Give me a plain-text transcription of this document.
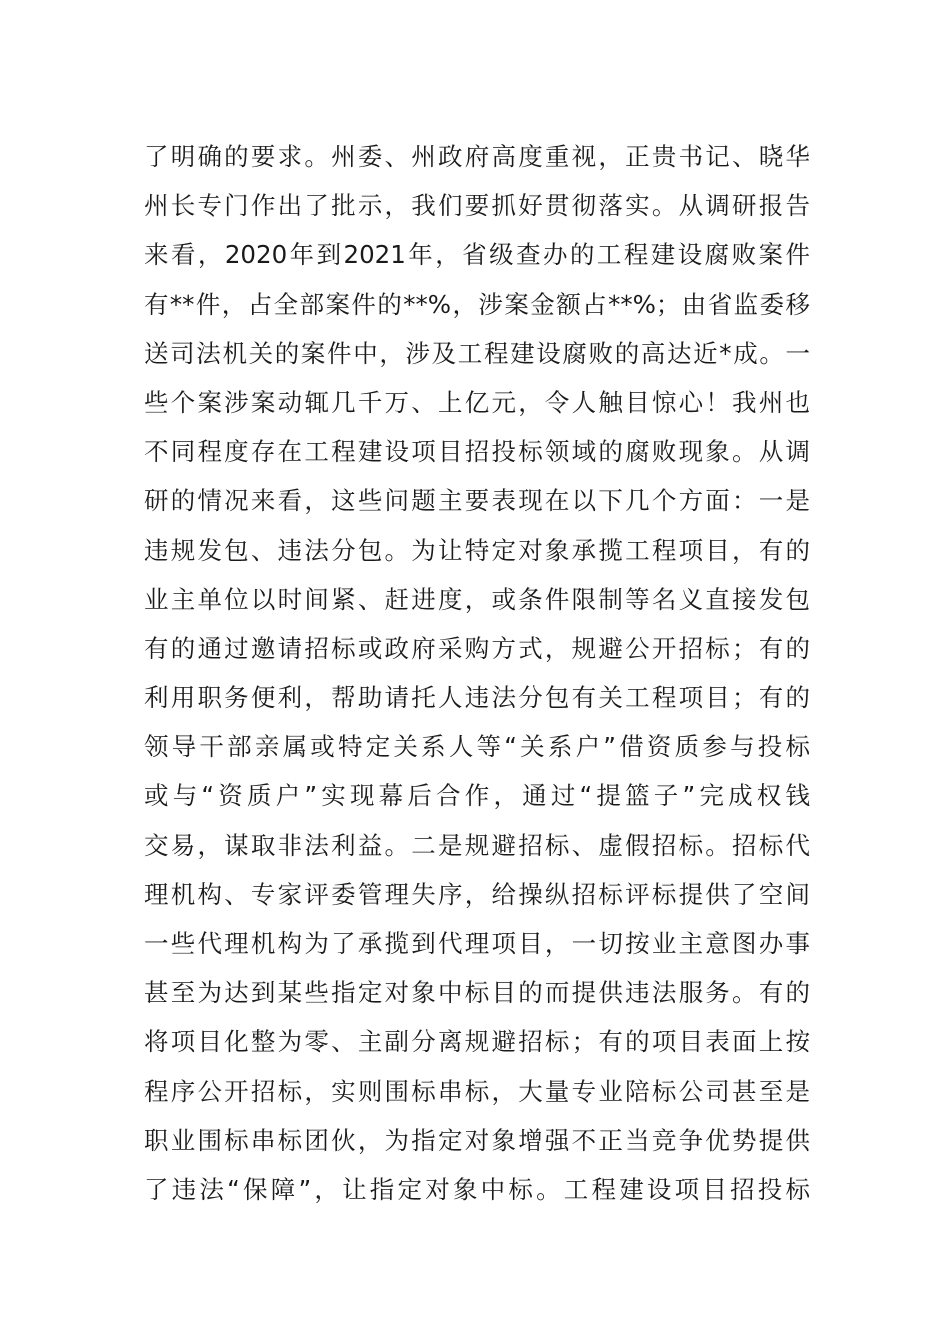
了明确的要求。州委、州政府高度重视，正贵书记、晓华
州长专门作出了批示，我们要抓好贯彻落实。从调研报告
来看，2020年到2021年，省级查办的工程建设腐败案件
有**件，占全部案件的**%，涉案金额占**%；由省监委移
送司法机关的案件中，涉及工程建设腐败的高达近*成。一
些个案涉案动辄几千万、上亿元，令人触目惊心！我州也
不同程度存在工程建设项目招投标领域的腐败现象。从调
研的情况来看，这些问题主要表现在以下几个方面：一是
违规发包、违法分包。为让特定对象承揽工程项目，有的
业主单位以时间紧、赶进度，或条件限制等名义直接发包
有的通过邀请招标或政府采购方式，规避公开招标；有的
利用职务便利，帮助请托人违法分包有关工程项目；有的
领导干部亲属或特定关系人等“关系户”借资质参与投标
或与“资质户”实现幕后合作，通过“提篮子”完成权钱
交易，谋取非法利益。二是规避招标、虚假招标。招标代
理机构、专家评委管理失序，给操纵招标评标提供了空间
一些代理机构为了承揽到代理项目，一切按业主意图办事
甚至为达到某些指定对象中标目的而提供违法服务。有的
将项目化整为零、主副分离规避招标；有的项目表面上按
程序公开招标，实则围标串标，大量专业陪标公司甚至是
职业围标串标团伙，为指定对象增强不正当竞争优势提供
了违法“保障”，让指定对象中标。工程建设项目招投标
